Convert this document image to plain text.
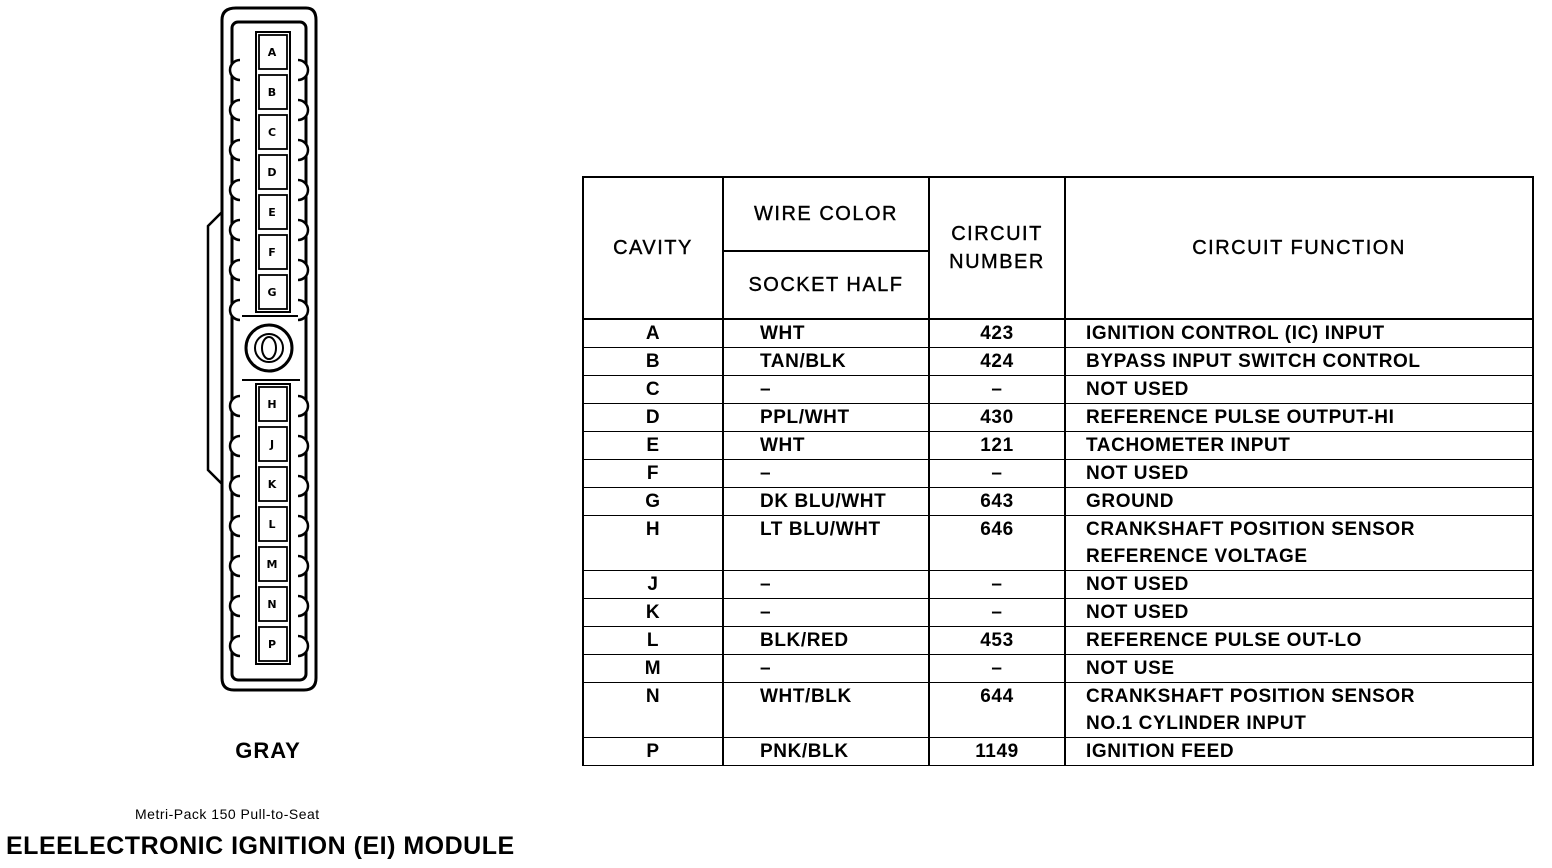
A
B
C
D
E
F
G
H
J
K
L
M
N
P
GRAY
Metri-Pack 150 Pull-to-Seat
ELEELECTRONIC IGNITION (EI) MODULE
CAVITY	WIRE COLOR	CIRCUIT NUMBER	CIRCUIT FUNCTION
	SOCKET HALF		
A	WHT	423	IGNITION CONTROL (IC) INPUT

B	TAN/BLK	424	BYPASS INPUT SWITCH CONTROL

C	–	–	NOT USED

D	PPL/WHT	430	REFERENCE PULSE OUTPUT-HI

E	WHT	121	TACHOMETER INPUT

F	–	–	NOT USED

G	DK BLU/WHT	643	GROUND

H	LT BLU/WHT	646	CRANKSHAFT POSITION SENSOR
REFERENCE VOLTAGE

J	–	–	NOT USED

K	–	–	NOT USED

L	BLK/RED	453	REFERENCE PULSE OUT-LO

M	–	–	NOT USE

N	WHT/BLK	644	CRANKSHAFT POSITION SENSOR
NO.1 CYLINDER INPUT

P	PNK/BLK	1149	IGNITION FEED
